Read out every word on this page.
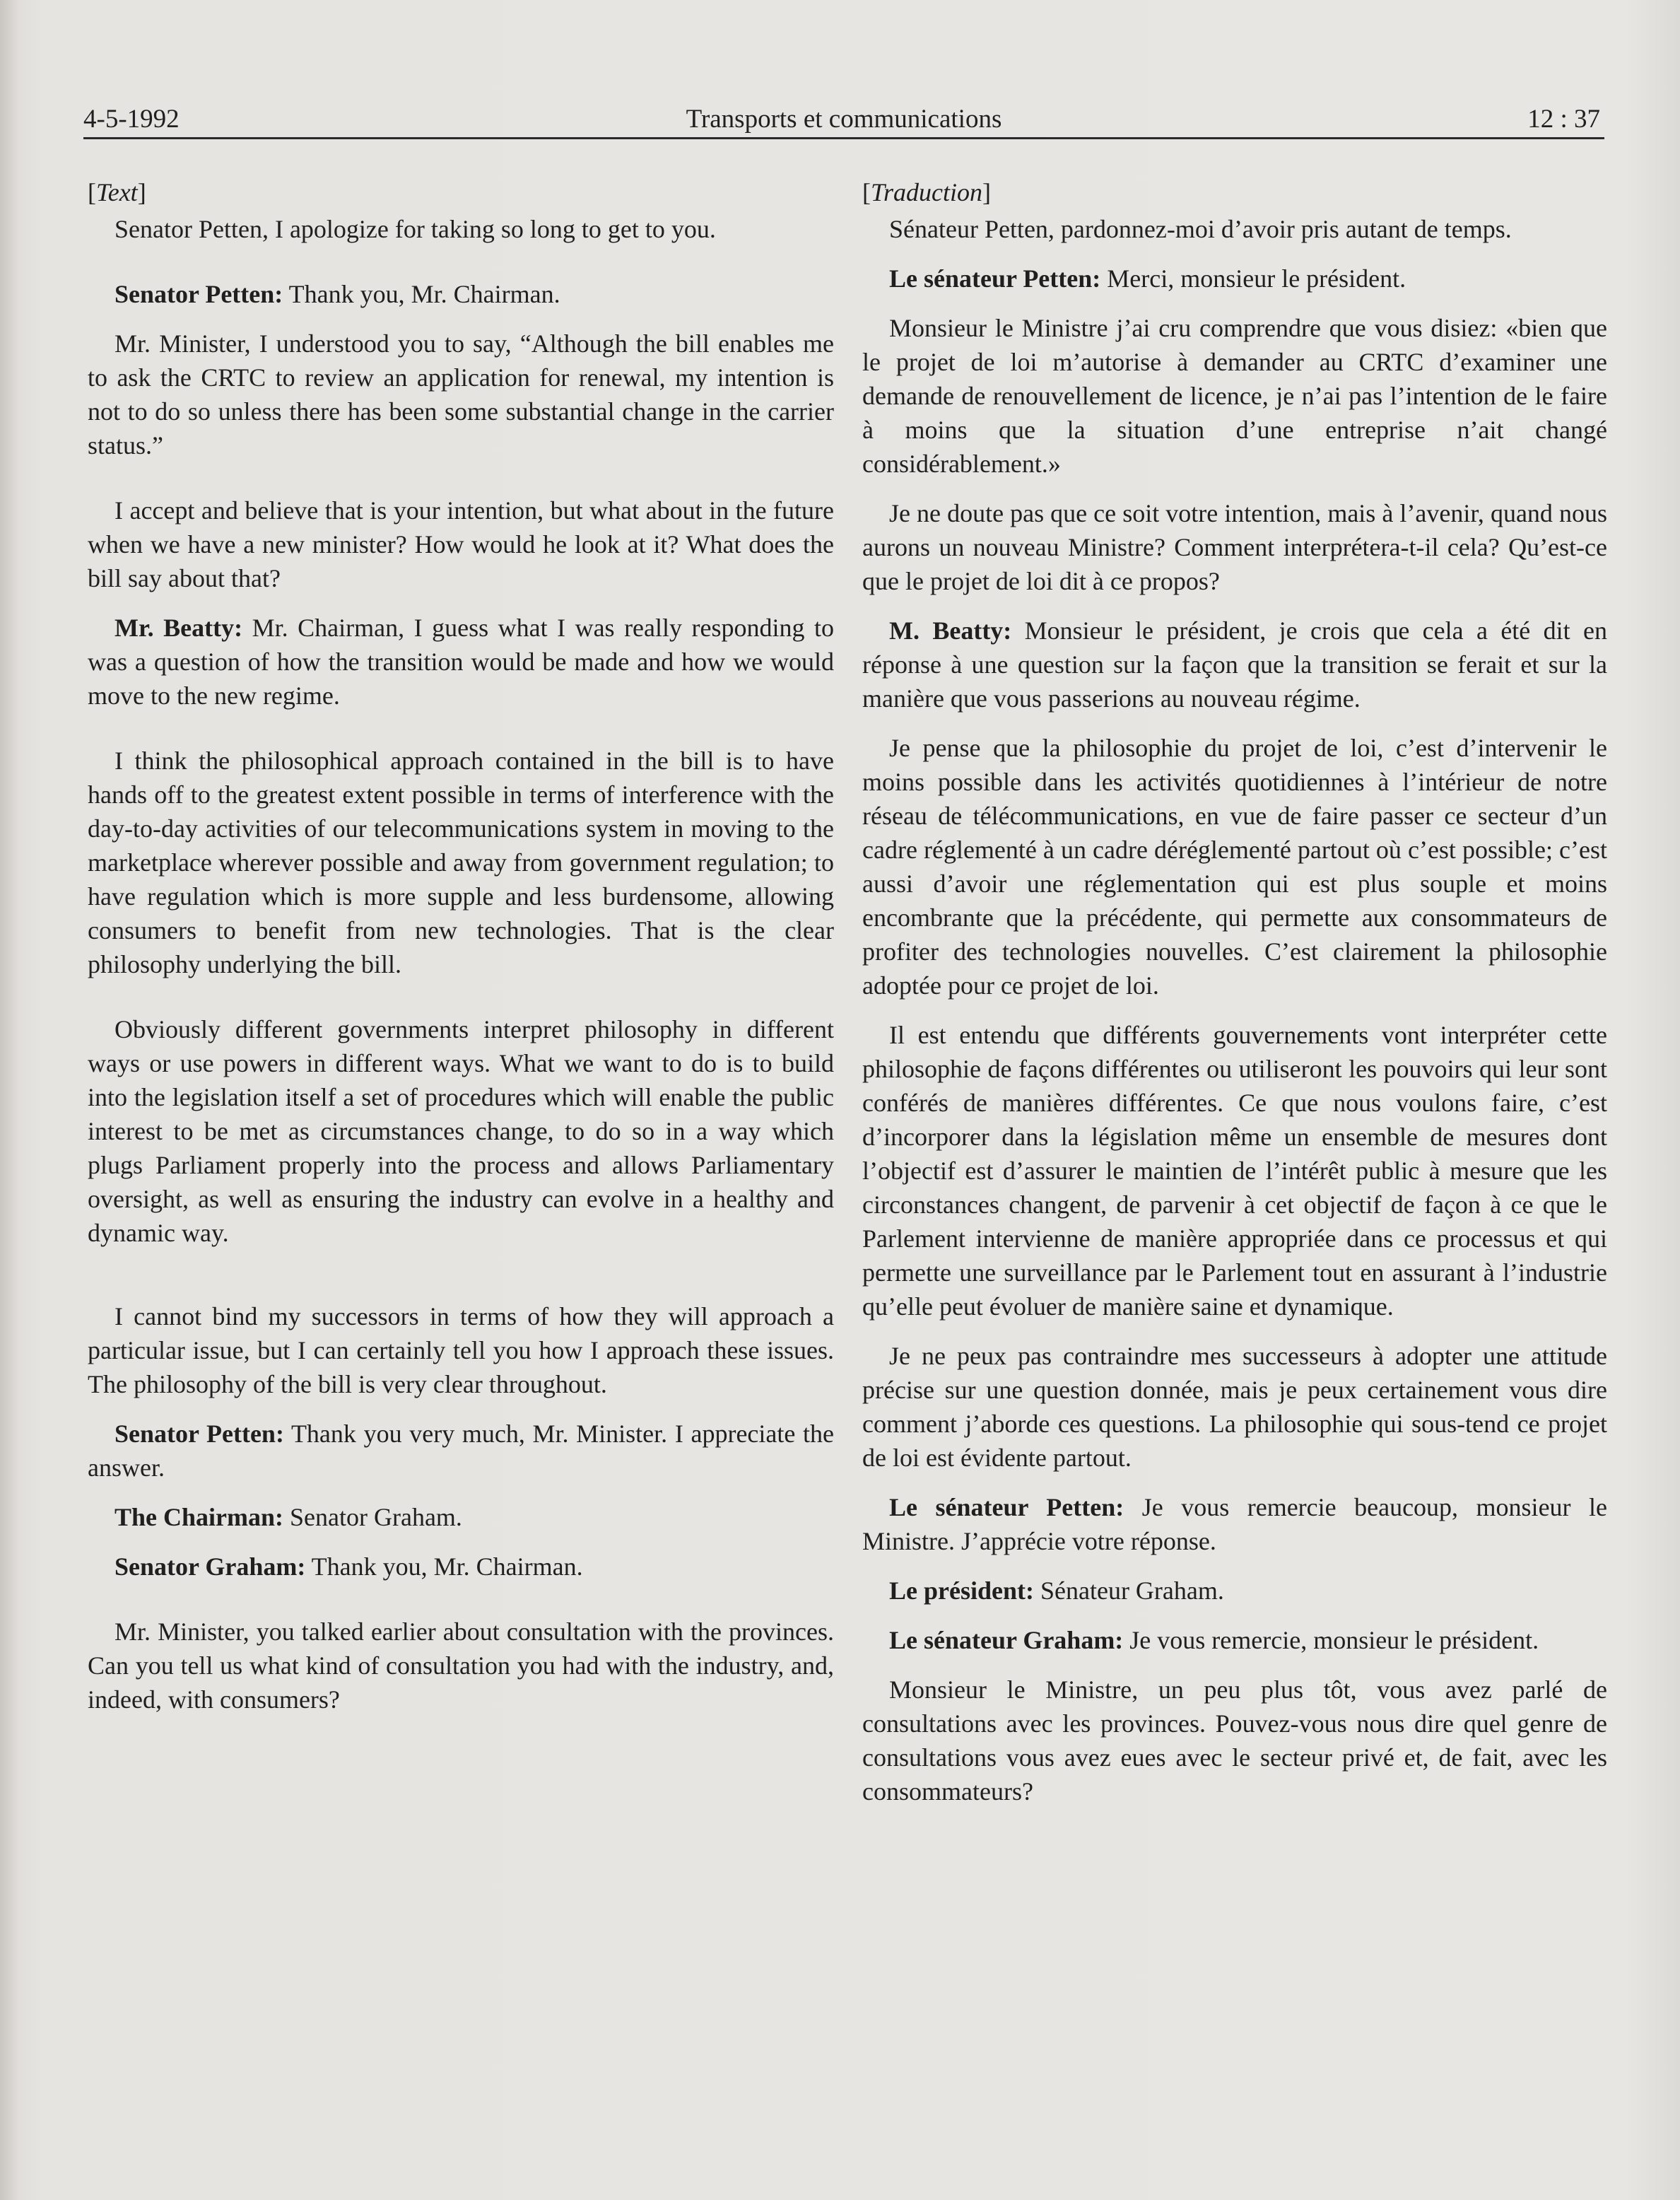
4-5-1992	Transports et communications	12 : 37

[Text]

Senator Petten, I apologize for taking so long to get to you.

Senator Petten: Thank you, Mr. Chairman.

Mr. Minister, I understood you to say, “Although the bill enables me to ask the CRTC to review an application for renewal, my intention is not to do so unless there has been some substantial change in the carrier status.”

I accept and believe that is your intention, but what about in the future when we have a new minister? How would he look at it? What does the bill say about that?

Mr. Beatty: Mr. Chairman, I guess what I was really responding to was a question of how the transition would be made and how we would move to the new regime.

I think the philosophical approach contained in the bill is to have hands off to the greatest extent possible in terms of interference with the day-to-day activities of our telecommunications system in moving to the marketplace wherever possible and away from government regulation; to have regulation which is more supple and less burdensome, allowing consumers to benefit from new technologies. That is the clear philosophy underlying the bill.

Obviously different governments interpret philosophy in different ways or use powers in different ways. What we want to do is to build into the legislation itself a set of procedures which will enable the public interest to be met as circumstances change, to do so in a way which plugs Parliament properly into the process and allows Parliamentary oversight, as well as ensuring the industry can evolve in a healthy and dynamic way.

I cannot bind my successors in terms of how they will approach a particular issue, but I can certainly tell you how I approach these issues. The philosophy of the bill is very clear throughout.

Senator Petten: Thank you very much, Mr. Minister. I appreciate the answer.

The Chairman: Senator Graham.

Senator Graham: Thank you, Mr. Chairman.

Mr. Minister, you talked earlier about consultation with the provinces. Can you tell us what kind of consultation you had with the industry, and, indeed, with consumers?

[Traduction]

Sénateur Petten, pardonnez-moi d’avoir pris autant de temps.

Le sénateur Petten: Merci, monsieur le président.

Monsieur le Ministre j’ai cru comprendre que vous disiez: «bien que le projet de loi m’autorise à demander au CRTC d’examiner une demande de renouvellement de licence, je n’ai pas l’intention de le faire à moins que la situation d’une entreprise n’ait changé considérablement.»

Je ne doute pas que ce soit votre intention, mais à l’avenir, quand nous aurons un nouveau Ministre? Comment interprétera-t-il cela? Qu’est-ce que le projet de loi dit à ce propos?

M. Beatty: Monsieur le président, je crois que cela a été dit en réponse à une question sur la façon que la transition se ferait et sur la manière que vous passerions au nouveau régime.

Je pense que la philosophie du projet de loi, c’est d’intervenir le moins possible dans les activités quotidiennes à l’intérieur de notre réseau de télécommunications, en vue de faire passer ce secteur d’un cadre réglementé à un cadre déréglementé partout où c’est possible; c’est aussi d’avoir une réglementation qui est plus souple et moins encombrante que la précédente, qui permette aux consommateurs de profiter des technologies nouvelles. C’est clairement la philosophie adoptée pour ce projet de loi.

Il est entendu que différents gouvernements vont interpréter cette philosophie de façons différentes ou utiliseront les pouvoirs qui leur sont conférés de manières différentes. Ce que nous voulons faire, c’est d’incorporer dans la législation même un ensemble de mesures dont l’objectif est d’assurer le maintien de l’intérêt public à mesure que les circonstances changent, de parvenir à cet objectif de façon à ce que le Parlement intervienne de manière appropriée dans ce processus et qui permette une surveillance par le Parlement tout en assurant à l’industrie qu’elle peut évoluer de manière saine et dynamique.

Je ne peux pas contraindre mes successeurs à adopter une attitude précise sur une question donnée, mais je peux certainement vous dire comment j’aborde ces questions. La philosophie qui sous-tend ce projet de loi est évidente partout.

Le sénateur Petten: Je vous remercie beaucoup, monsieur le Ministre. J’apprécie votre réponse.

Le président: Sénateur Graham.

Le sénateur Graham: Je vous remercie, monsieur le président.

Monsieur le Ministre, un peu plus tôt, vous avez parlé de consultations avec les provinces. Pouvez-vous nous dire quel genre de consultations vous avez eues avec le secteur privé et, de fait, avec les consommateurs?
